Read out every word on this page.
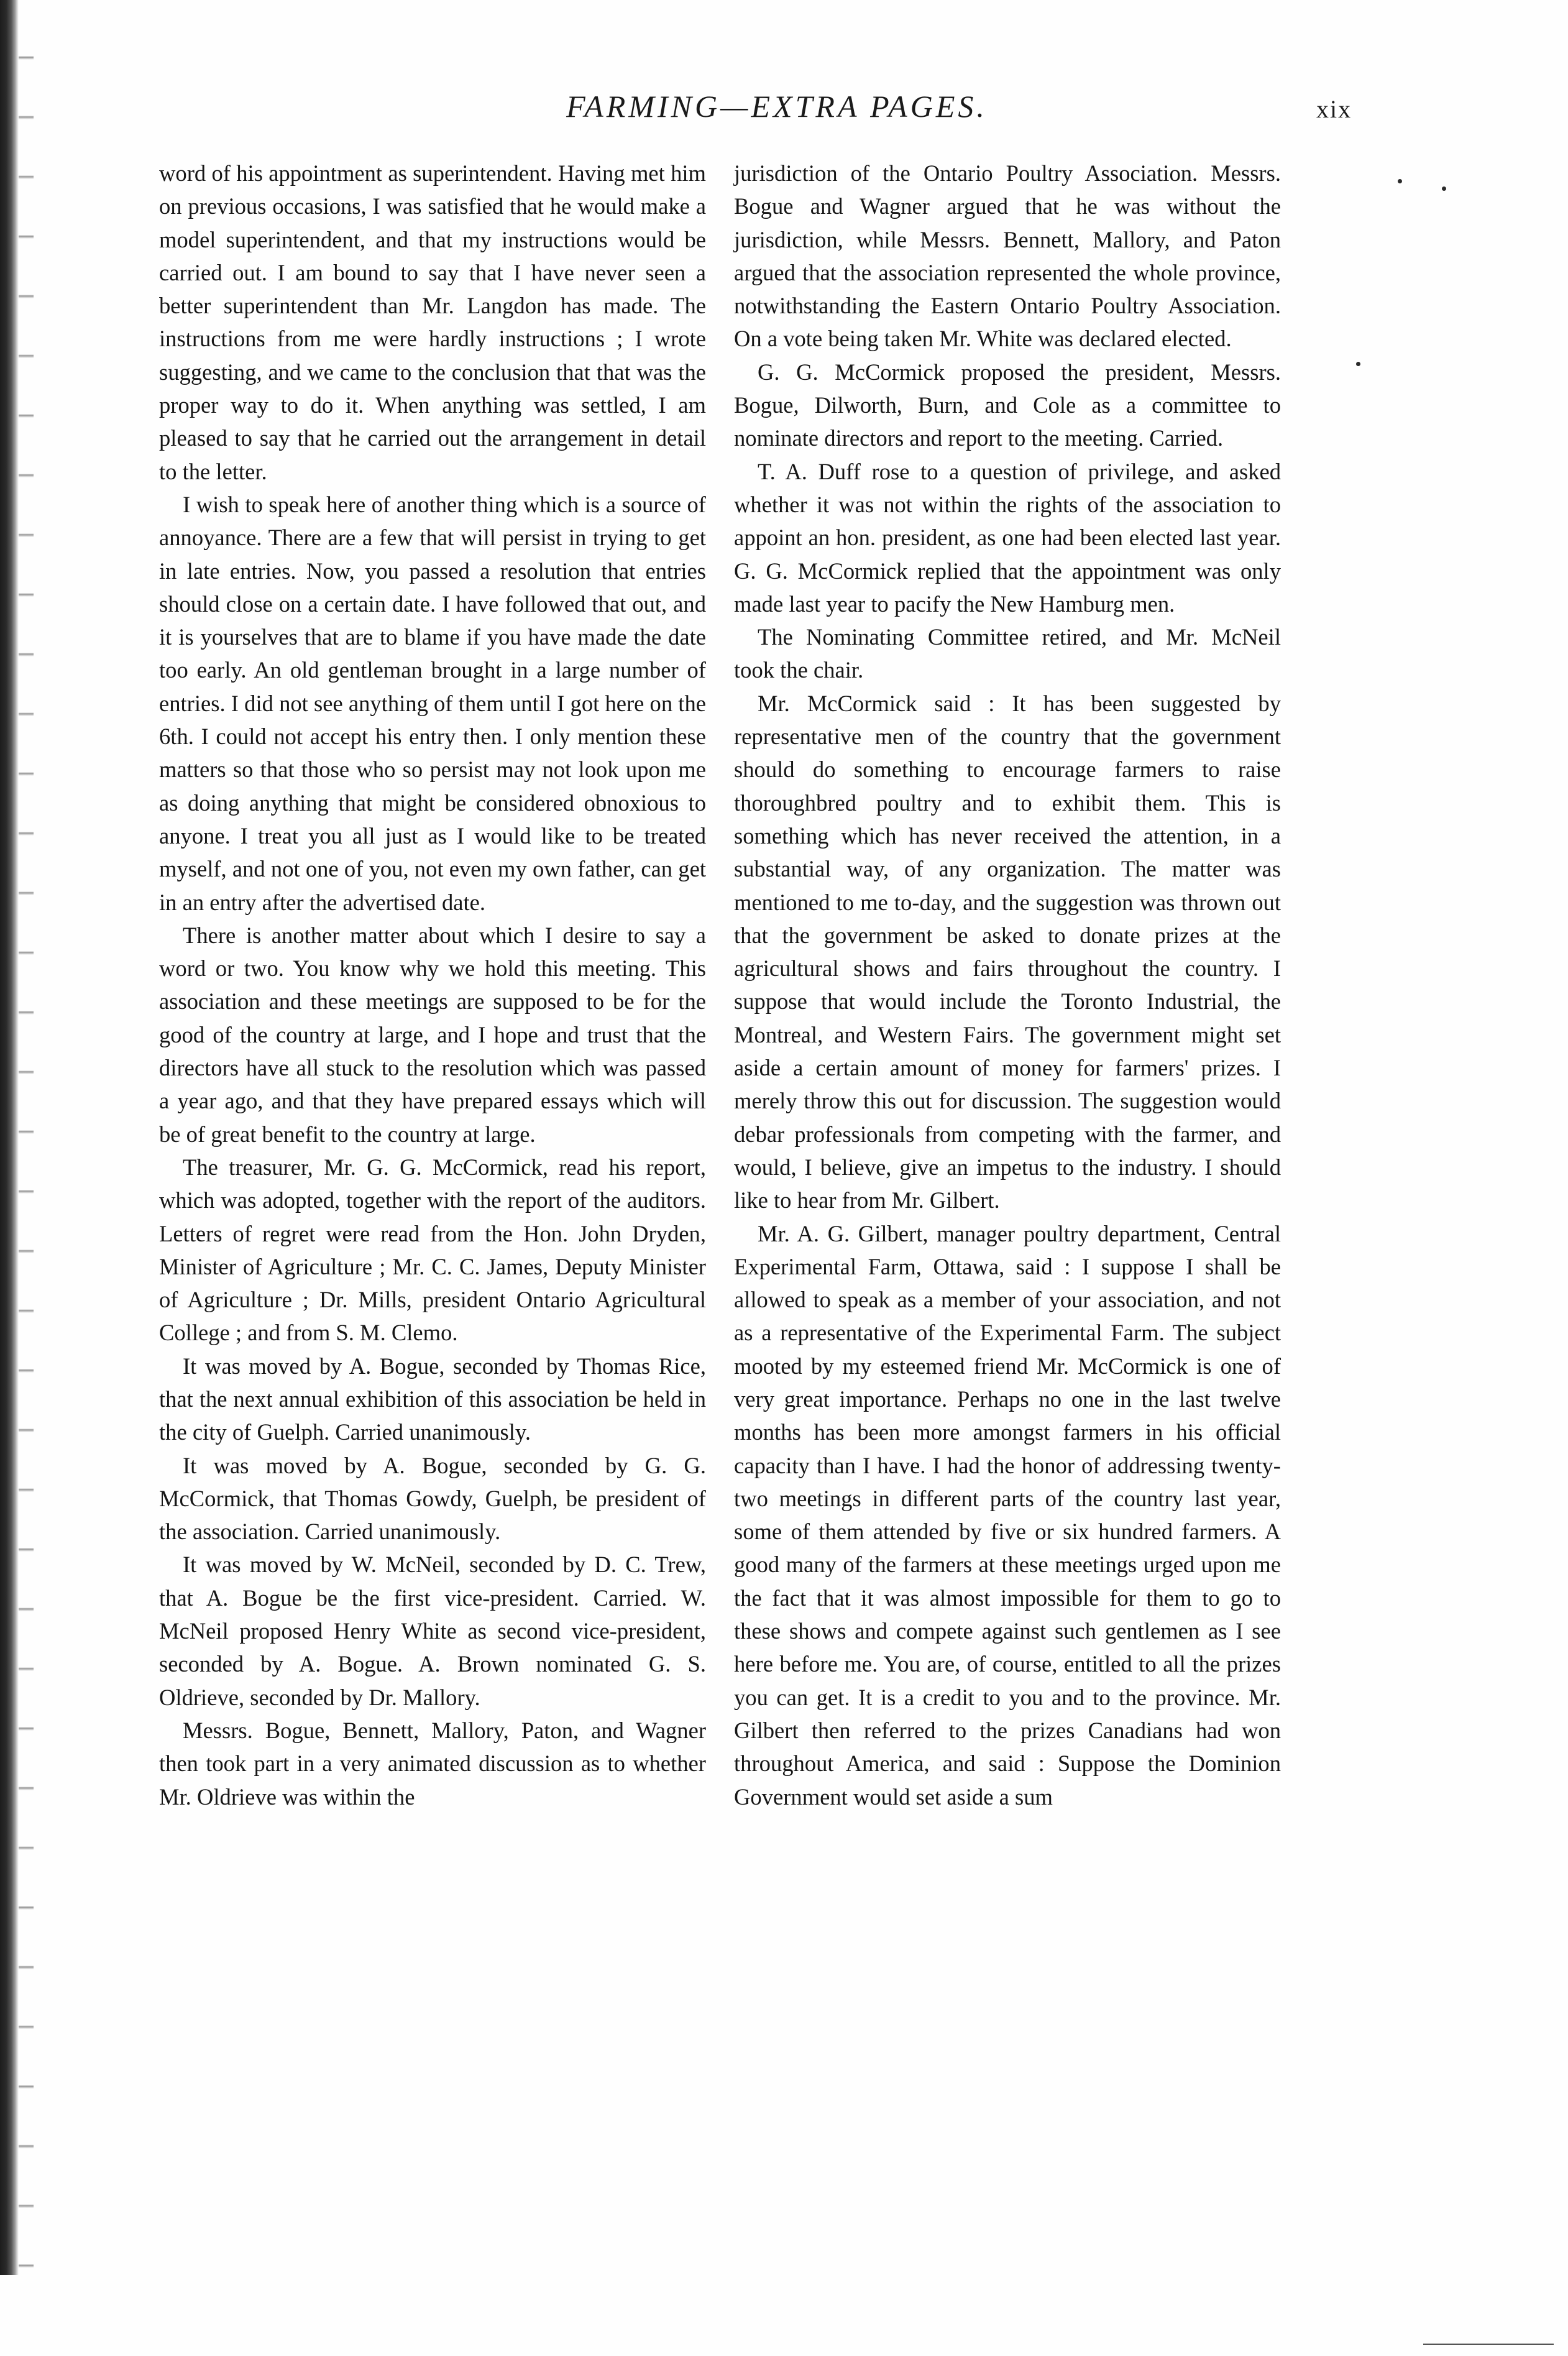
FARMING—EXTRA PAGES.	xix

word of his appointment as superintendent. Having met him on previous occasions, I was satisfied that he would make a model superintendent, and that my instructions would be carried out. I am bound to say that I have never seen a better superintendent than Mr. Langdon has made. The instructions from me were hardly instructions ; I wrote suggesting, and we came to the conclusion that that was the proper way to do it. When anything was settled, I am pleased to say that he carried out the arrangement in detail to the letter.

I wish to speak here of another thing which is a source of annoyance. There are a few that will persist in trying to get in late entries. Now, you passed a resolution that entries should close on a certain date. I have followed that out, and it is yourselves that are to blame if you have made the date too early. An old gentleman brought in a large number of entries. I did not see anything of them until I got here on the 6th. I could not accept his entry then. I only mention these matters so that those who so persist may not look upon me as doing anything that might be considered obnoxious to anyone. I treat you all just as I would like to be treated myself, and not one of you, not even my own father, can get in an entry after the advertised date.

There is another matter about which I desire to say a word or two. You know why we hold this meeting. This association and these meetings are supposed to be for the good of the country at large, and I hope and trust that the directors have all stuck to the resolution which was passed a year ago, and that they have prepared essays which will be of great benefit to the country at large.

The treasurer, Mr. G. G. McCormick, read his report, which was adopted, together with the report of the auditors. Letters of regret were read from the Hon. John Dryden, Minister of Agriculture ; Mr. C. C. James, Deputy Minister of Agriculture ; Dr. Mills, president Ontario Agricultural College ; and from S. M. Clemo.

It was moved by A. Bogue, seconded by Thomas Rice, that the next annual exhibition of this association be held in the city of Guelph. Carried unanimously.

It was moved by A. Bogue, seconded by G. G. McCormick, that Thomas Gowdy, Guelph, be president of the association. Carried unanimously.

It was moved by W. McNeil, seconded by D. C. Trew, that A. Bogue be the first vice-president. Carried. W. McNeil proposed Henry White as second vice-president, seconded by A. Bogue. A. Brown nominated G. S. Oldrieve, seconded by Dr. Mallory.

Messrs. Bogue, Bennett, Mallory, Paton, and Wagner then took part in a very animated discussion as to whether Mr. Oldrieve was within the

jurisdiction of the Ontario Poultry Association. Messrs. Bogue and Wagner argued that he was without the jurisdiction, while Messrs. Bennett, Mallory, and Paton argued that the association represented the whole province, notwithstanding the Eastern Ontario Poultry Association. On a vote being taken Mr. White was declared elected.

G. G. McCormick proposed the president, Messrs. Bogue, Dilworth, Burn, and Cole as a committee to nominate directors and report to the meeting. Carried.

T. A. Duff rose to a question of privilege, and asked whether it was not within the rights of the association to appoint an hon. president, as one had been elected last year. G. G. McCormick replied that the appointment was only made last year to pacify the New Hamburg men.

The Nominating Committee retired, and Mr. McNeil took the chair.

Mr. McCormick said : It has been suggested by representative men of the country that the government should do something to encourage farmers to raise thoroughbred poultry and to exhibit them. This is something which has never received the attention, in a substantial way, of any organization. The matter was mentioned to me to-day, and the suggestion was thrown out that the government be asked to donate prizes at the agricultural shows and fairs throughout the country. I suppose that would include the Toronto Industrial, the Montreal, and Western Fairs. The government might set aside a certain amount of money for farmers' prizes. I merely throw this out for discussion. The suggestion would debar professionals from competing with the farmer, and would, I believe, give an impetus to the industry. I should like to hear from Mr. Gilbert.

Mr. A. G. Gilbert, manager poultry department, Central Experimental Farm, Ottawa, said : I suppose I shall be allowed to speak as a member of your association, and not as a representative of the Experimental Farm. The subject mooted by my esteemed friend Mr. McCormick is one of very great importance. Perhaps no one in the last twelve months has been more amongst farmers in his official capacity than I have. I had the honor of addressing twenty-two meetings in different parts of the country last year, some of them attended by five or six hundred farmers. A good many of the farmers at these meetings urged upon me the fact that it was almost impossible for them to go to these shows and compete against such gentlemen as I see here before me. You are, of course, entitled to all the prizes you can get. It is a credit to you and to the province. Mr. Gilbert then referred to the prizes Canadians had won throughout America, and said : Suppose the Dominion Government would set aside a sum
